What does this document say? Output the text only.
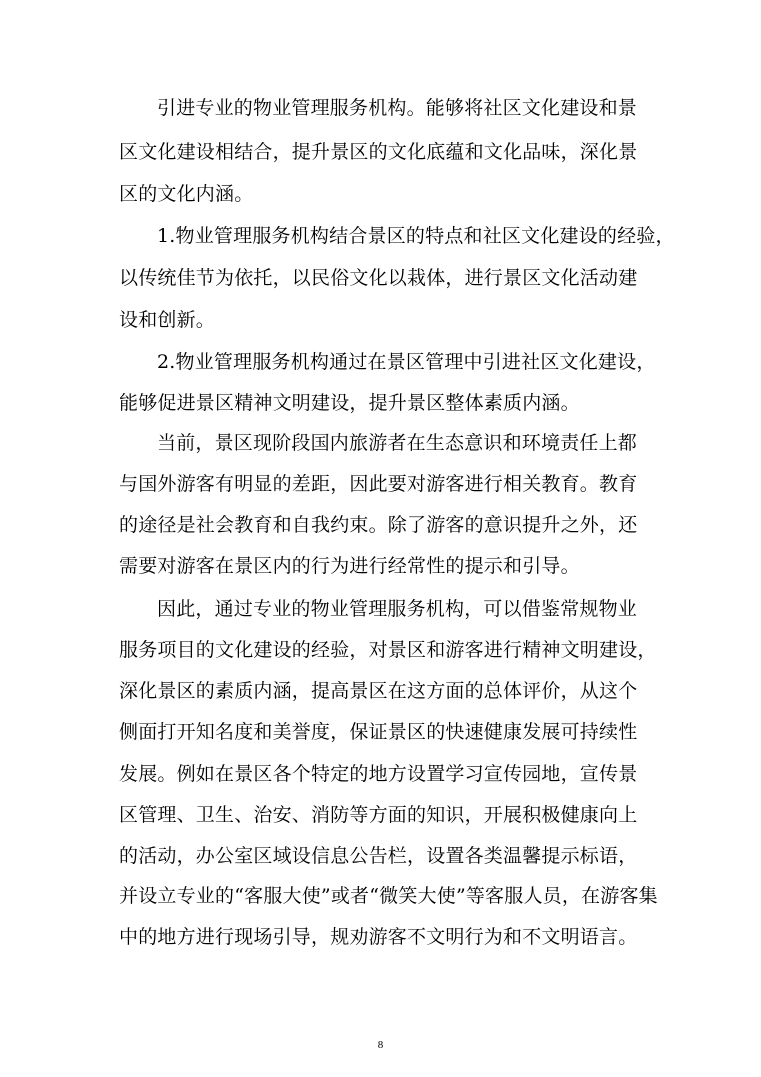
引进专业的物业管理服务机构。能够将社区文化建设和景
区文化建设相结合，提升景区的文化底蕴和文化品味，深化景
区的文化内涵。
1.物业管理服务机构结合景区的特点和社区文化建设的经验，
以传统佳节为依托，以民俗文化以栽体，进行景区文化活动建
设和创新。
2.物业管理服务机构通过在景区管理中引进社区文化建设，
能够促进景区精神文明建设，提升景区整体素质内涵。
当前，景区现阶段国内旅游者在生态意识和环境责任上都
与国外游客有明显的差距，因此要对游客进行相关教育。教育
的途径是社会教育和自我约束。除了游客的意识提升之外，还
需要对游客在景区内的行为进行经常性的提示和引导。
因此，通过专业的物业管理服务机构，可以借鉴常规物业
服务项目的文化建设的经验，对景区和游客进行精神文明建设，
深化景区的素质内涵，提高景区在这方面的总体评价，从这个
侧面打开知名度和美誉度，保证景区的快速健康发展可持续性
发展。例如在景区各个特定的地方设置学习宣传园地，宣传景
区管理、卫生、治安、消防等方面的知识，开展积极健康向上
的活动，办公室区域设信息公告栏，设置各类温馨提示标语，
并设立专业的“客服大使”或者“微笑大使”等客服人员，在游客集
中的地方进行现场引导，规劝游客不文明行为和不文明语言。
8
